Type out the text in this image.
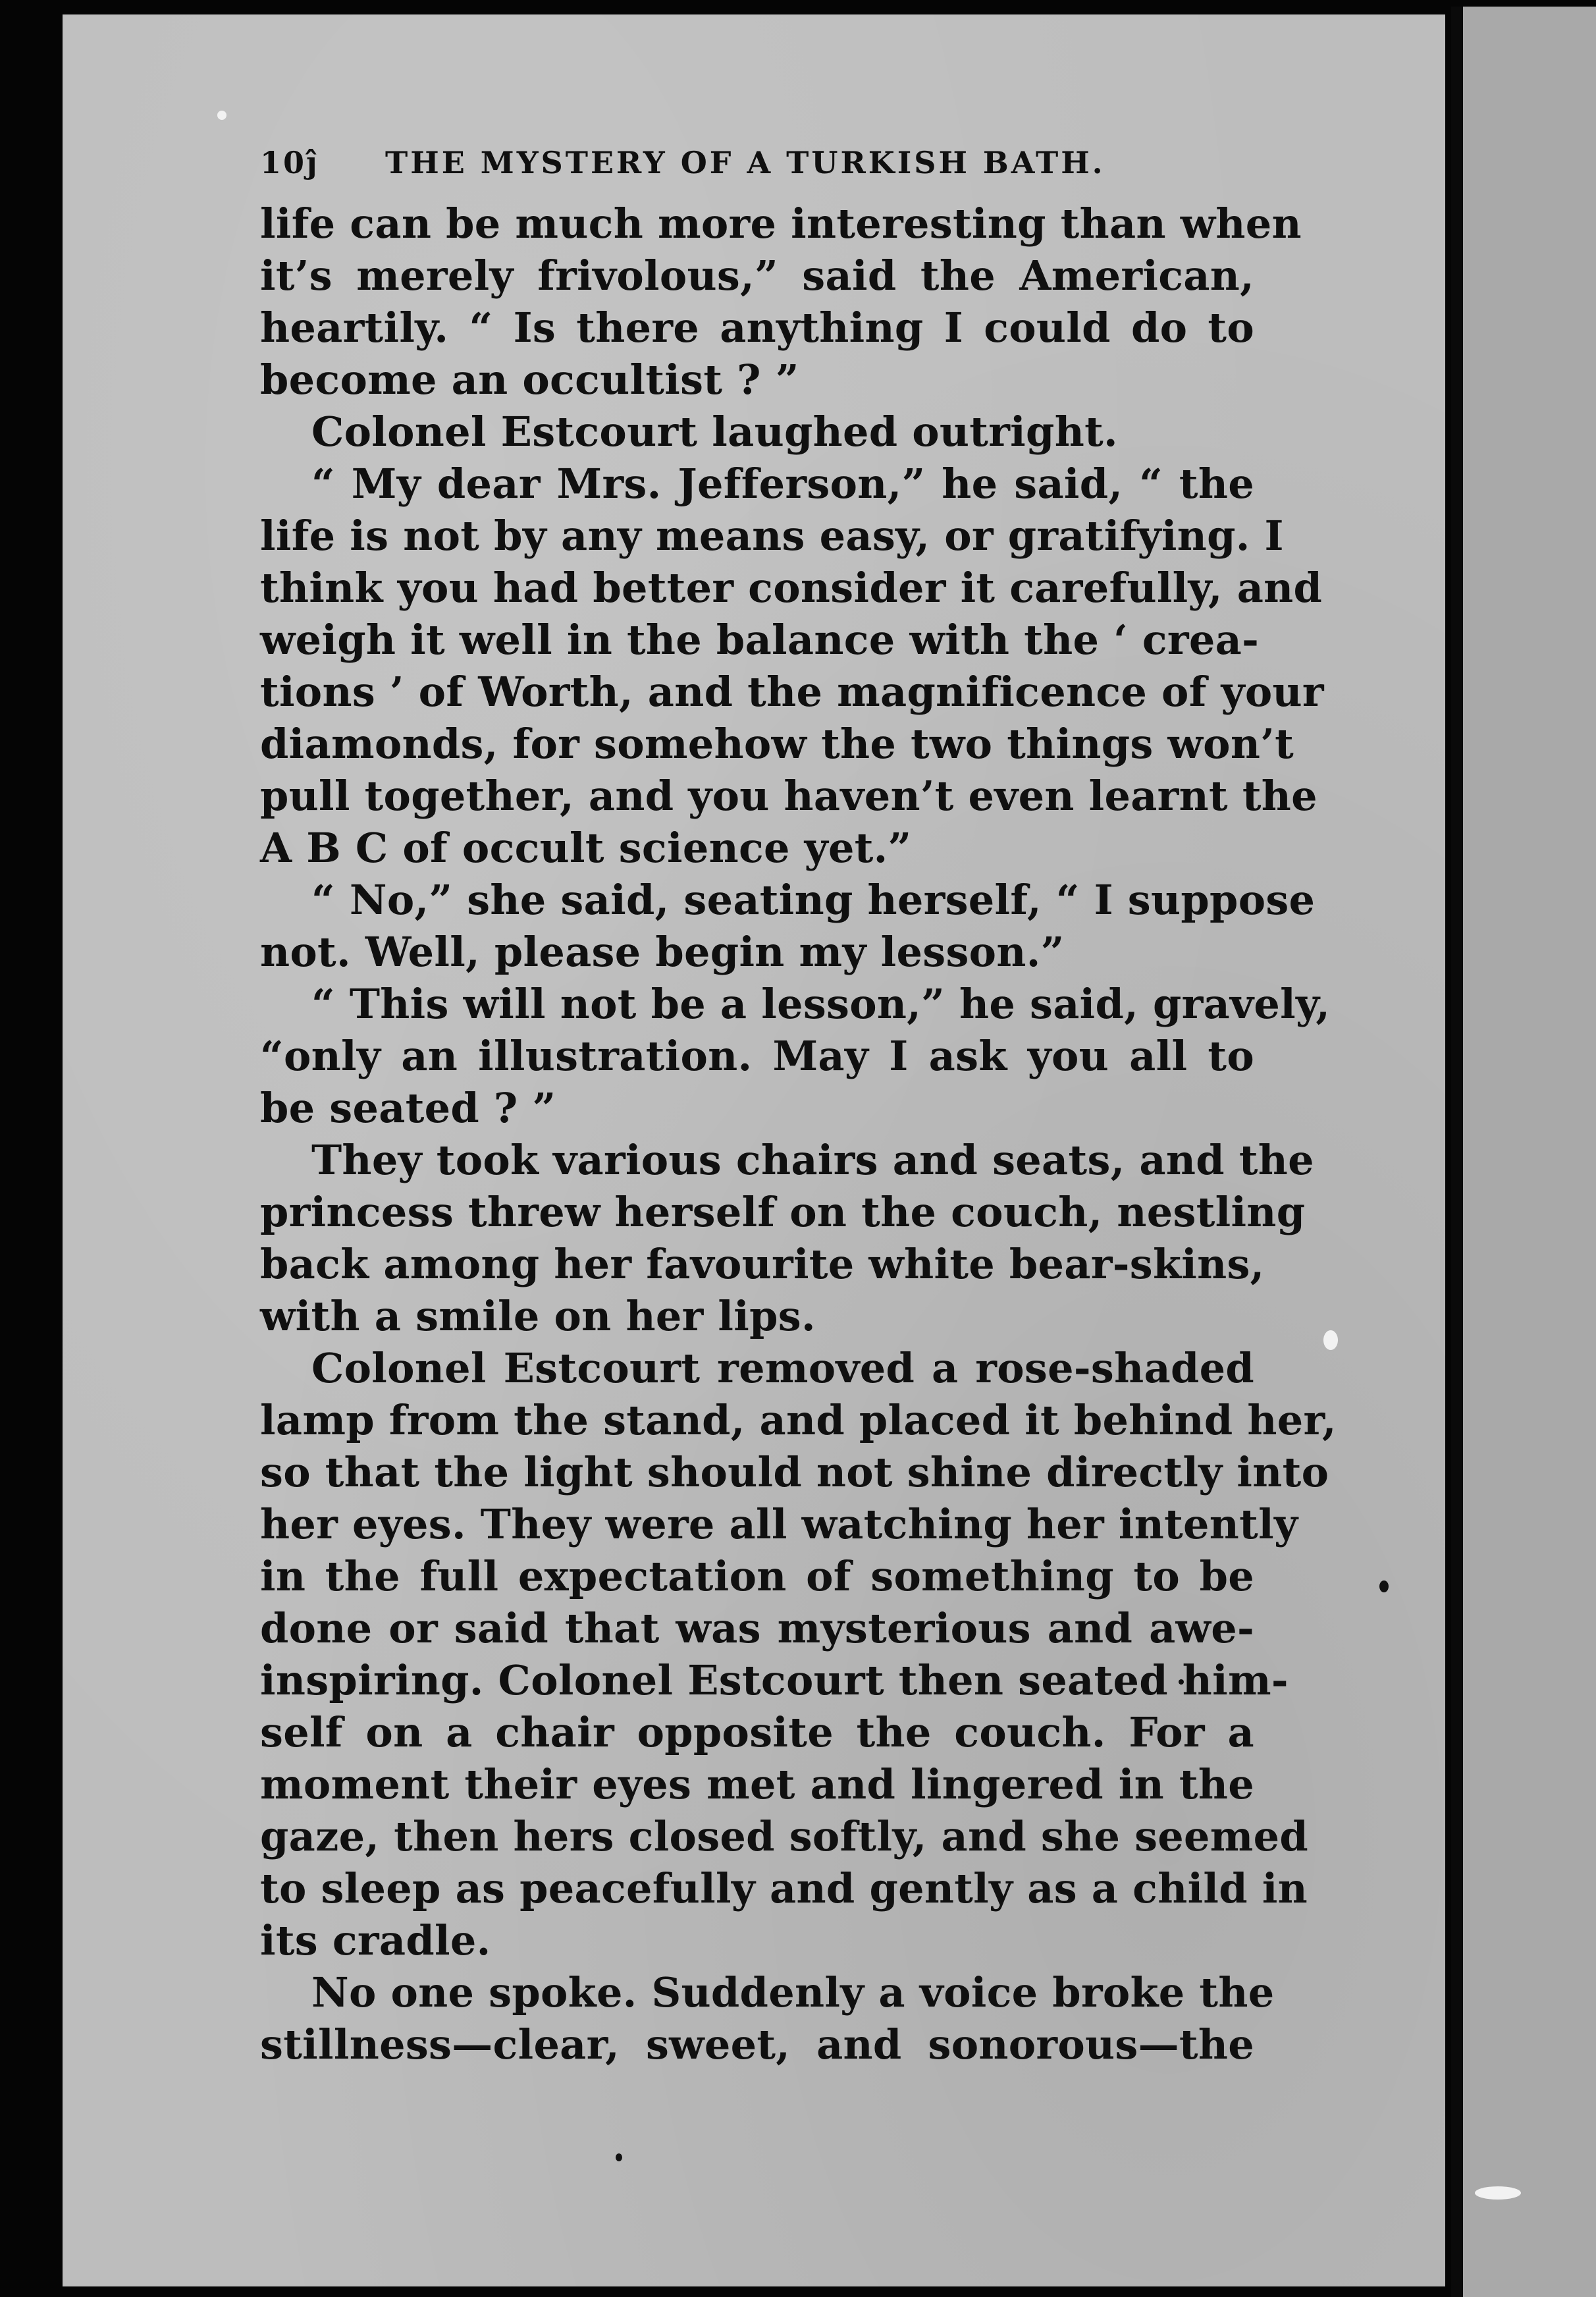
10ĵ	THE MYSTERY OF A TURKISH BATH.
life can be much more interesting than when
it’s merely frivolous,” said the American,
heartily. “ Is there anything I could do to
become an occultist ? ”
Colonel Estcourt laughed outright.
“ My dear Mrs. Jefferson,” he said, “ the
life is not by any means easy, or gratifying. I
think you had better consider it carefully, and
weigh it well in the balance with the ‘ crea-
tions ’ of Worth, and the magnificence of your
diamonds, for somehow the two things won’t
pull together, and you haven’t even learnt the
A B C of occult science yet.”
“ No,” she said, seating herself, “ I suppose
not. Well, please begin my lesson.”
“ This will not be a lesson,” he said, gravely,
“only an illustration. May I ask you all to
be seated ? ”
They took various chairs and seats, and the
princess threw herself on the couch, nestling
back among her favourite white bear-skins,
with a smile on her lips.
Colonel Estcourt removed a rose-shaded
lamp from the stand, and placed it behind her,
so that the light should not shine directly into
her eyes. They were all watching her intently
in the full expectation of something to be
done or said that was mysterious and awe-
inspiring. Colonel Estcourt then seated him-
self on a chair opposite the couch. For a
moment their eyes met and lingered in the
gaze, then hers closed softly, and she seemed
to sleep as peacefully and gently as a child in
its cradle.
No one spoke. Suddenly a voice broke the
stillness—clear, sweet, and sonorous—the
